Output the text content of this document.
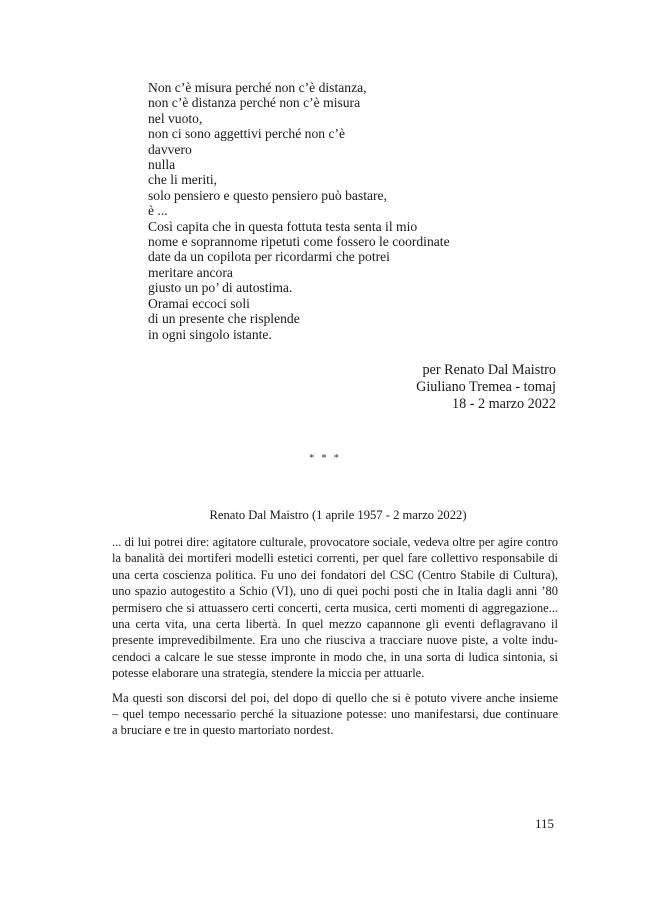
Non c’è misura perché non c’è distanza,
non c’è distanza perché non c’è misura
nel vuoto,
non ci sono aggettivi perché non c’è
davvero
nulla
che li meriti,
solo pensiero e questo pensiero può bastare,
è ...
Così capita che in questa fottuta testa senta il mio
nome e soprannome ripetuti come fossero le coordinate
date da un copilota per ricordarmi che potrei
meritare ancora
giusto un po’ di autostima.
Oramai eccoci soli
di un presente che risplende
in ogni singolo istante.
per Renato Dal Maistro
Giuliano Tremea - tomaj
18 - 2 marzo 2022
* * *
Renato Dal Maistro (1 aprile 1957 - 2 marzo 2022)

... di lui potrei dire: agitatore culturale, provocatore sociale, vedeva oltre per agire contro
la banalità dei mortiferi modelli estetici correnti, per quel fare collettivo responsabile di
una certa coscienza politica. Fu uno dei fondatori del CSC (Centro Stabile di Cultura),
uno spazio autogestito a Schio (VI), uno di quei pochi posti che in Italia dagli anni ’80
permisero che si attuassero certi concerti, certa musica, certi momenti di aggregazione...
una certa vita, una certa libertà. In quel mezzo capannone gli eventi deflagravano il
presente imprevedibilmente. Era uno che riusciva a tracciare nuove piste, a volte indu-
cendoci a calcare le sue stesse impronte in modo che, in una sorta di ludica sintonia, si
potesse elaborare una strategia, stendere la miccia per attuarle.

Ma questi son discorsi del poi, del dopo di quello che si è potuto vivere anche insieme
– quel tempo necessario perché la situazione potesse: uno manifestarsi, due continuare
a bruciare e tre in questo martoriato nordest.

115
